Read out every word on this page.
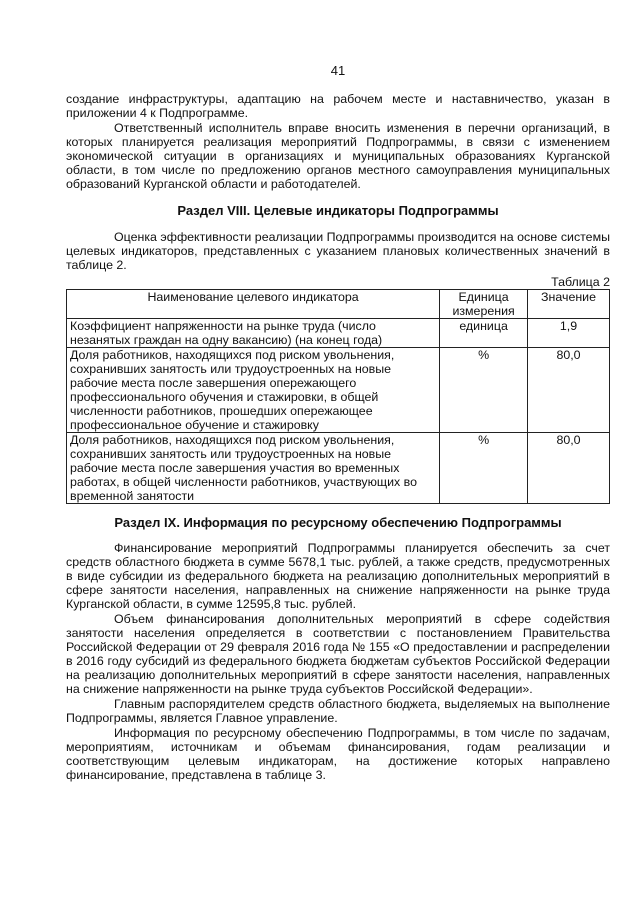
41

создание инфраструктуры, адаптацию на рабочем месте и наставничество, указан в приложении 4 к Подпрограмме.

Ответственный исполнитель вправе вносить изменения в перечни организаций, в которых планируется реализация мероприятий Подпрограммы, в связи с изменением экономической ситуации в организациях и муниципальных образованиях Курганской области, в том числе по предложению органов местного самоуправления муниципальных образований Курганской области и работодателей.

Раздел VIII. Целевые индикаторы Подпрограммы

Оценка эффективности реализации Подпрограммы производится на основе системы целевых индикаторов, представленных с указанием плановых количественных значений в таблице 2.

Таблица 2
Наименование целевого индикатора	Единица измерения	Значение
Коэффициент напряженности на рынке труда (число незанятых граждан на одну вакансию) (на конец года)	единица	1,9
Доля работников, находящихся под риском увольнения, сохранивших занятость или трудоустроенных на новые рабочие места после завершения опережающего профессионального обучения и стажировки, в общей численности работников, прошедших опережающее профессиональное обучение и стажировку	%	80,0
Доля работников, находящихся под риском увольнения, сохранивших занятость или трудоустроенных на новые рабочие места после завершения участия во временных работах, в общей численности работников, участвующих во временной занятости	%	80,0
Раздел IX. Информация по ресурсному обеспечению Подпрограммы

Финансирование мероприятий Подпрограммы планируется обеспечить за счет средств областного бюджета в сумме 5678,1 тыс. рублей, а также средств, предусмотренных в виде субсидии из федерального бюджета на реализацию дополнительных мероприятий в сфере занятости населения, направленных на снижение напряженности на рынке труда Курганской области, в сумме 12595,8 тыс. рублей.

Объем финансирования дополнительных мероприятий в сфере содействия занятости населения определяется в соответствии с постановлением Правительства Российской Федерации от 29 февраля 2016 года № 155 «О предоставлении и распределении в 2016 году субсидий из федерального бюджета бюджетам субъектов Российской Федерации на реализацию дополнительных мероприятий в сфере занятости населения, направленных на снижение напряженности на рынке труда субъектов Российской Федерации».

Главным распорядителем средств областного бюджета, выделяемых на выполнение Подпрограммы, является Главное управление.

Информация по ресурсному обеспечению Подпрограммы, в том числе по задачам, мероприятиям, источникам и объемам финансирования, годам реализации и соответствующим целевым индикаторам, на достижение которых направлено финансирование, представлена в таблице 3.
